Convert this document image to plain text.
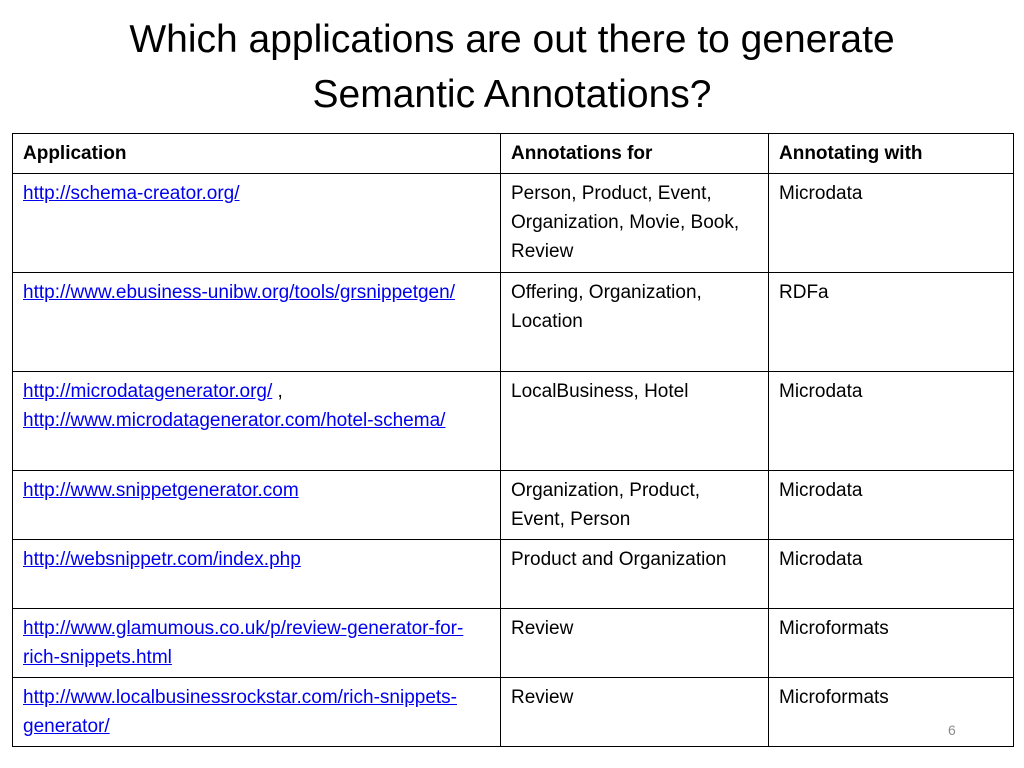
Which applications are out there to generate
Semantic Annotations?
Application	Annotations for	Annotating with
http://schema-creator.org/	Person, Product, Event, Organization, Movie, Book, Review	Microdata
http://www.ebusiness-unibw.org/tools/grsnippetgen/	Offering, Organization, Location	RDFa
http://microdatagenerator.org/ , http://www.microdatagenerator.com/hotel-schema/	LocalBusiness, Hotel	Microdata
http://www.snippetgenerator.com	Organization, Product, Event, Person	Microdata
http://websnippetr.com/index.php	Product and Organization	Microdata
http://www.glamumous.co.uk/p/review-generator-for-rich-snippets.html	Review	Microformats
http://www.localbusinessrockstar.com/rich-snippets-generator/	Review	Microformats
6
